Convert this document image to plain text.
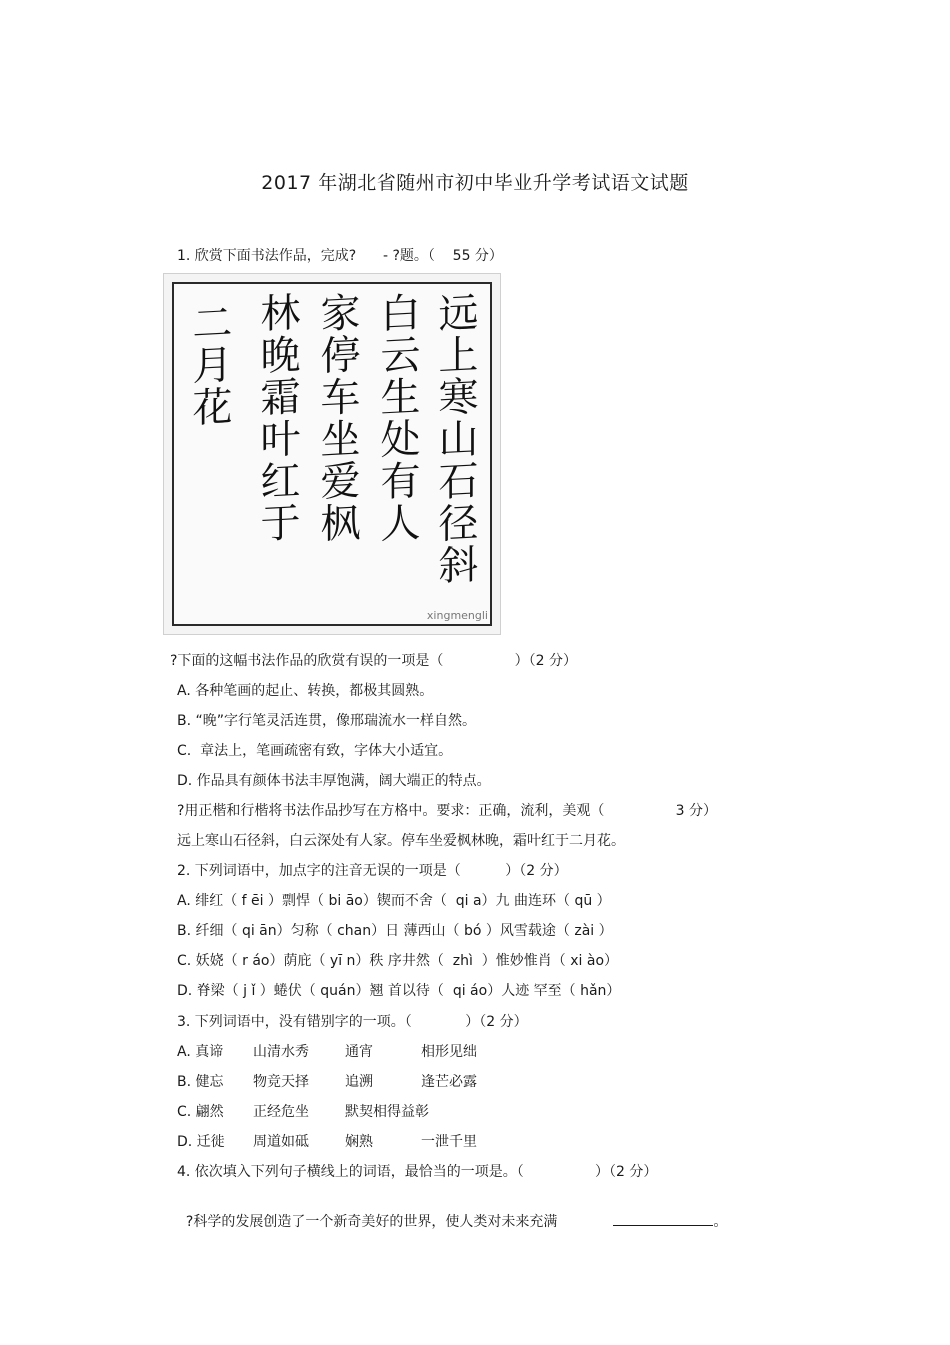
2017 年湖北省随州市初中毕业升学考试语文试题
1. 欣赏下面书法作品，完成?      - ?题。（    55 分）
远上寒山石径斜
白云生处有人
家停车坐爱枫
林晚霜叶红于
二月花
xingmengli
?下面的这幅书法作品的欣赏有误的一项是（                ）（2 分）
A. 各种笔画的起止、转换，都极其圆熟。
B. “晚”字行笔灵活连贯，像邢瑞流水一样自然。
C.  章法上，笔画疏密有致，字体大小适宜。
D. 作品具有颜体书法丰厚饱满，阔大端正的特点。
?用正楷和行楷将书法作品抄写在方格中。要求：正确，流利，美观（                3 分）
远上寒山石径斜，白云深处有人家。停车坐爱枫林晚，霜叶红于二月花。
2. 下列词语中，加点字的注音无误的一项是（          ）（2 分）
A. 绯红（ f ēi ）剽悍（ bi āo）锲而不舍（  qi a）九 曲连环（ qū ）
B. 纤细（ qi ān）匀称（ chan）日 薄西山（ bó ）风雪载途（ zài ）
C. 妖娆（ r áo）荫庇（ yī n）秩 序井然（  zhì  ）惟妙惟肖（ xi ào）
D. 脊梁（ j ǐ ）蜷伏（ quán）翘 首以待（  qi áo）人迹 罕至（ hǎn）
3. 下列词语中，没有错别字的一项。（            ）（2 分）
A. 真谛 山清水秀	通宵	相形见绌
B. 健忘 物竞天择	追溯	逢芒必露
C. 翩然 正经危坐	默契相得益彰
D. 迁徙 周道如砥	娴熟	一泄千里
4. 依次填入下列句子横线上的词语，最恰当的一项是。（                ）（2 分）

?科学的发展创造了一个新奇美好的世界，使人类对未来充满	。
